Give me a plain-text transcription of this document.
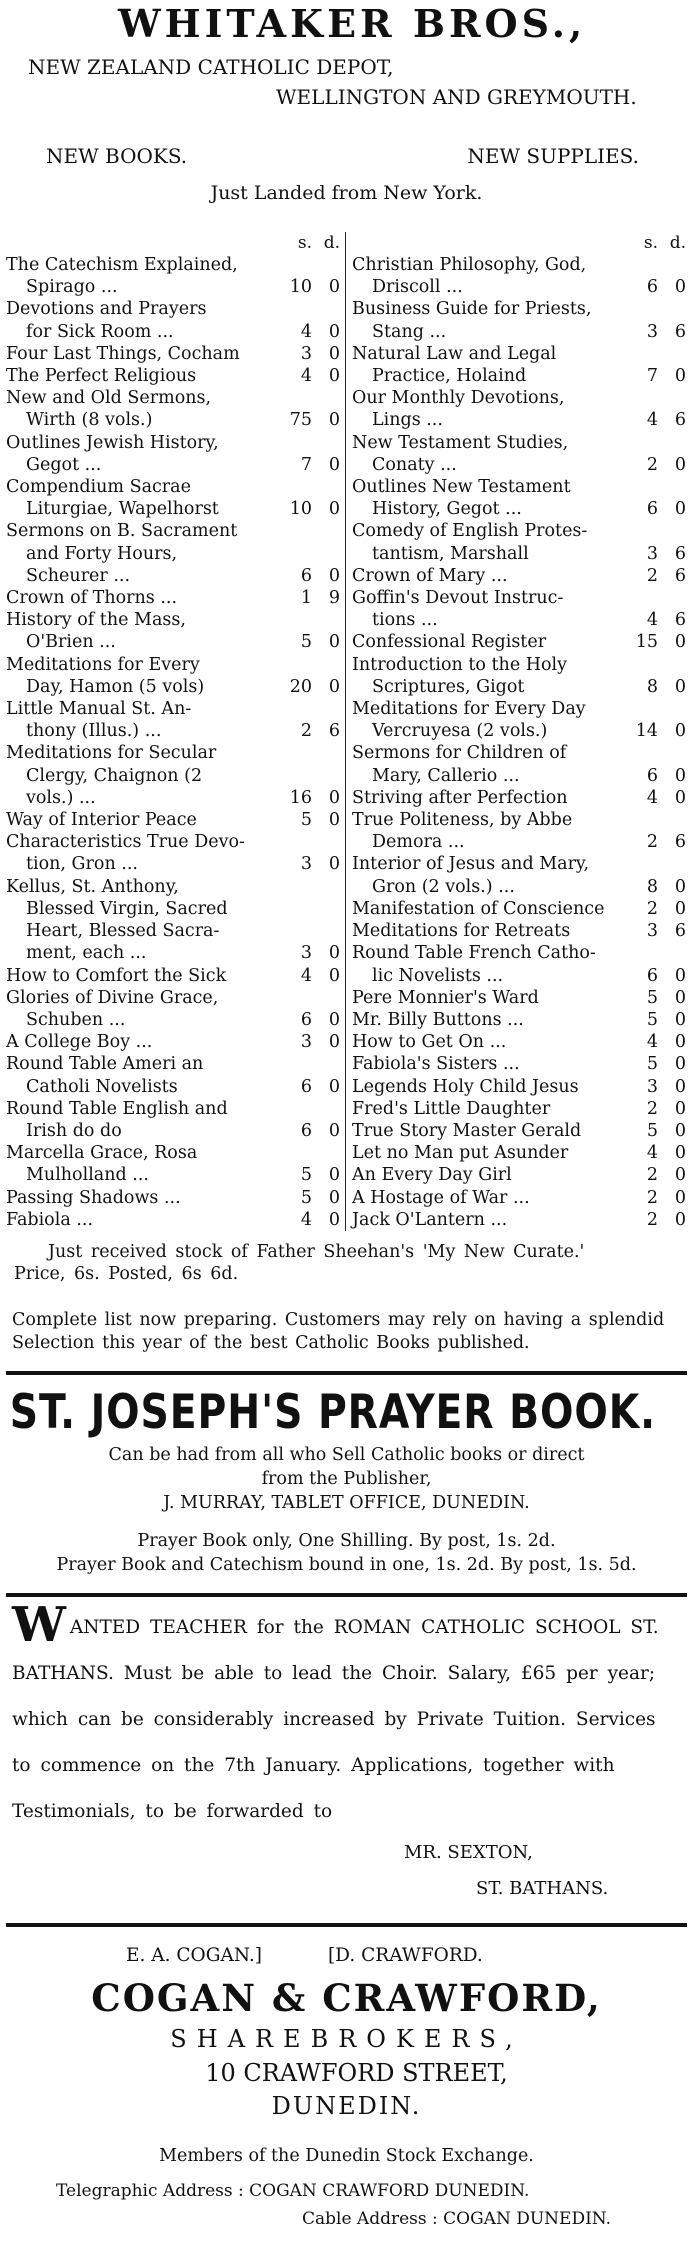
WHITAKER BROS.,
NEW ZEALAND CATHOLIC DEPOT,
WELLINGTON AND GREYMOUTH.
NEW BOOKS.	NEW SUPPLIES.
Just Landed from New York.
s. d.
The Catechism Explained,
Spirago ...	10 0
Devotions and Prayers
for Sick Room ...	4 0
Four Last Things, Cocham	3 0
The Perfect Religious	4 0
New and Old Sermons,
Wirth (8 vols.)	75 0
Outlines Jewish History,
Gegot ...	7 0
Compendium Sacrae
Liturgiae, Wapelhorst	10 0
Sermons on B. Sacrament
and Forty Hours,
Scheurer ...	6 0
Crown of Thorns ...	1 9
History of the Mass,
O'Brien ...	5 0
Meditations for Every
Day, Hamon (5 vols)	20 0
Little Manual St. An-
thony (Illus.) ...	2 6
Meditations for Secular
Clergy, Chaignon (2
vols.) ...	16 0
Way of Interior Peace	5 0
Characteristics True Devo-
tion, Gron ...	3 0
Kellus, St. Anthony,
Blessed Virgin, Sacred
Heart, Blessed Sacra-
ment, each ...	3 0
How to Comfort the Sick	4 0
Glories of Divine Grace,
Schuben ...	6 0
A College Boy ...	3 0
Round Table Ameri an
Catholi Novelists	6 0
Round Table English and
Irish do do	6 0
Marcella Grace, Rosa
Mulholland ...	5 0
Passing Shadows ...	5 0
Fabiola ...	4 0
s. d.
Christian Philosophy, God,
Driscoll ...	6 0
Business Guide for Priests,
Stang ...	3 6
Natural Law and Legal
Practice, Holaind	7 0
Our Monthly Devotions,
Lings ...	4 6
New Testament Studies,
Conaty ...	2 0
Outlines New Testament
History, Gegot ...	6 0
Comedy of English Protes-
tantism, Marshall	3 6
Crown of Mary ...	2 6
Goffin's Devout Instruc-
tions ...	4 6
Confessional Register	15 0
Introduction to the Holy
Scriptures, Gigot	8 0
Meditations for Every Day
Vercruyesa (2 vols.)	14 0
Sermons for Children of
Mary, Callerio ...	6 0
Striving after Perfection	4 0
True Politeness, by Abbe
Demora ...	2 6
Interior of Jesus and Mary,
Gron (2 vols.) ...	8 0
Manifestation of Conscience	2 0
Meditations for Retreats	3 6
Round Table French Catho-
lic Novelists ...	6 0
Pere Monnier's Ward	5 0
Mr. Billy Buttons ...	5 0
How to Get On ...	4 0
Fabiola's Sisters ...	5 0
Legends Holy Child Jesus	3 0
Fred's Little Daughter	2 0
True Story Master Gerald	5 0
Let no Man put Asunder	4 0
An Every Day Girl	2 0
A Hostage of War ...	2 0
Jack O'Lantern ...	2 0
Just received stock of Father Sheehan's 'My New Curate.'
Price, 6s. Posted, 6s 6d.
Complete list now preparing. Customers may rely on having a splendid Selection this year of the best Catholic Books published.
ST. JOSEPH'S PRAYER BOOK.
Can be had from all who Sell Catholic books or direct
from the Publisher,
J. MURRAY, TABLET OFFICE, DUNEDIN.
Prayer Book only, One Shilling. By post, 1s. 2d.
Prayer Book and Catechism bound in one, 1s. 2d. By post, 1s. 5d.
WANTED TEACHER for the ROMAN CATHOLIC SCHOOL ST. BATHANS. Must be able to lead the Choir. Salary, £65 per year; which can be considerably increased by Private Tuition. Services to commence on the 7th January. Applications, together with Testimonials, to be forwarded to
MR. SEXTON,
ST. BATHANS.
E. A. COGAN.]	[D. CRAWFORD.
COGAN & CRAWFORD,
SHAREBROKERS,
10 CRAWFORD STREET,
DUNEDIN.
Members of the Dunedin Stock Exchange.
Telegraphic Address : COGAN CRAWFORD DUNEDIN.
Cable Address : COGAN DUNEDIN.
